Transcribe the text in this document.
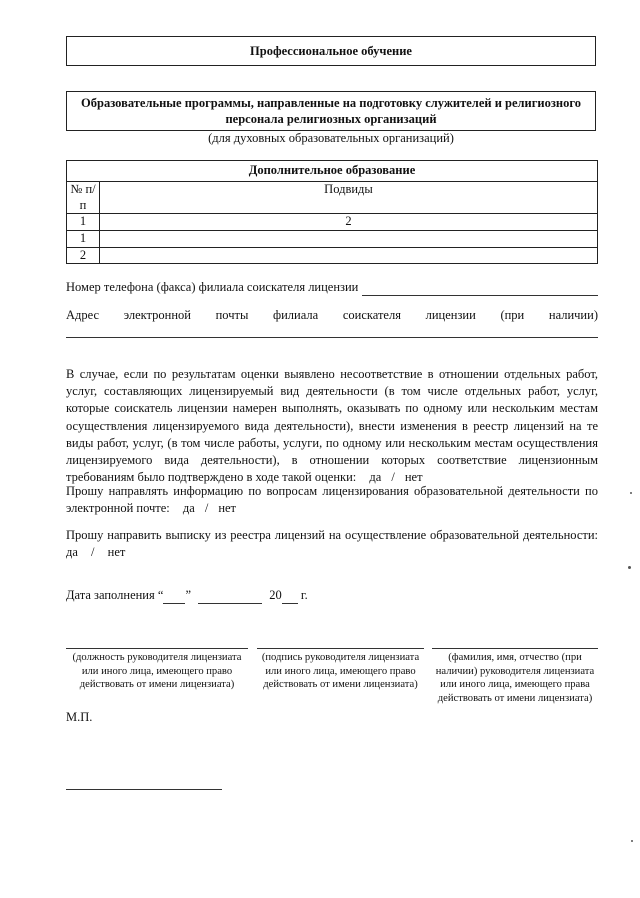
Профессиональное обучение
Образовательные программы, направленные на подготовку служителей и религиозного
персонала религиозных организаций
(для духовных образовательных организаций)
Дополнительное образование	
№ п/п	Подвиды
1	2
1	
2	
Номер телефона (факса) филиала соискателя лицензии
Адрес электронной почты филиала соискателя лицензии (при наличии)
В случае, если по результатам оценки выявлено несоответствие в отношении отдельных работ, услуг, составляющих лицензируемый вид деятельности (в том числе отдельных работ, услуг, которые соискатель лицензии намерен выполнять, оказывать по одному или нескольким местам осуществления лицензируемого вида деятельности), внести изменения в реестр лицензий на те виды работ, услуг, (в том числе работы, услуги, по одному или нескольким местам осуществления лицензируемого вида деятельности), в отношении которых соответствие лицензионным требованиям было подтверждено в ходе такой оценки: да / нет
Прошу направлять информацию по вопросам лицензирования образовательной деятельности по электронной почте: да / нет
Прошу направить выписку из реестра лицензий на осуществление образовательной деятельности: да / нет
Дата заполнения “ ”	20 г.
(должность руководителя лицензиата или иного лица, имеющего право действовать от имени лицензиата)
(подпись руководителя лицензиата или иного лица, имеющего право действовать от имени лицензиата)
(фамилия, имя, отчество (при наличии) руководителя лицензиата или иного лица, имеющего права действовать от имени лицензиата)
М.П.
